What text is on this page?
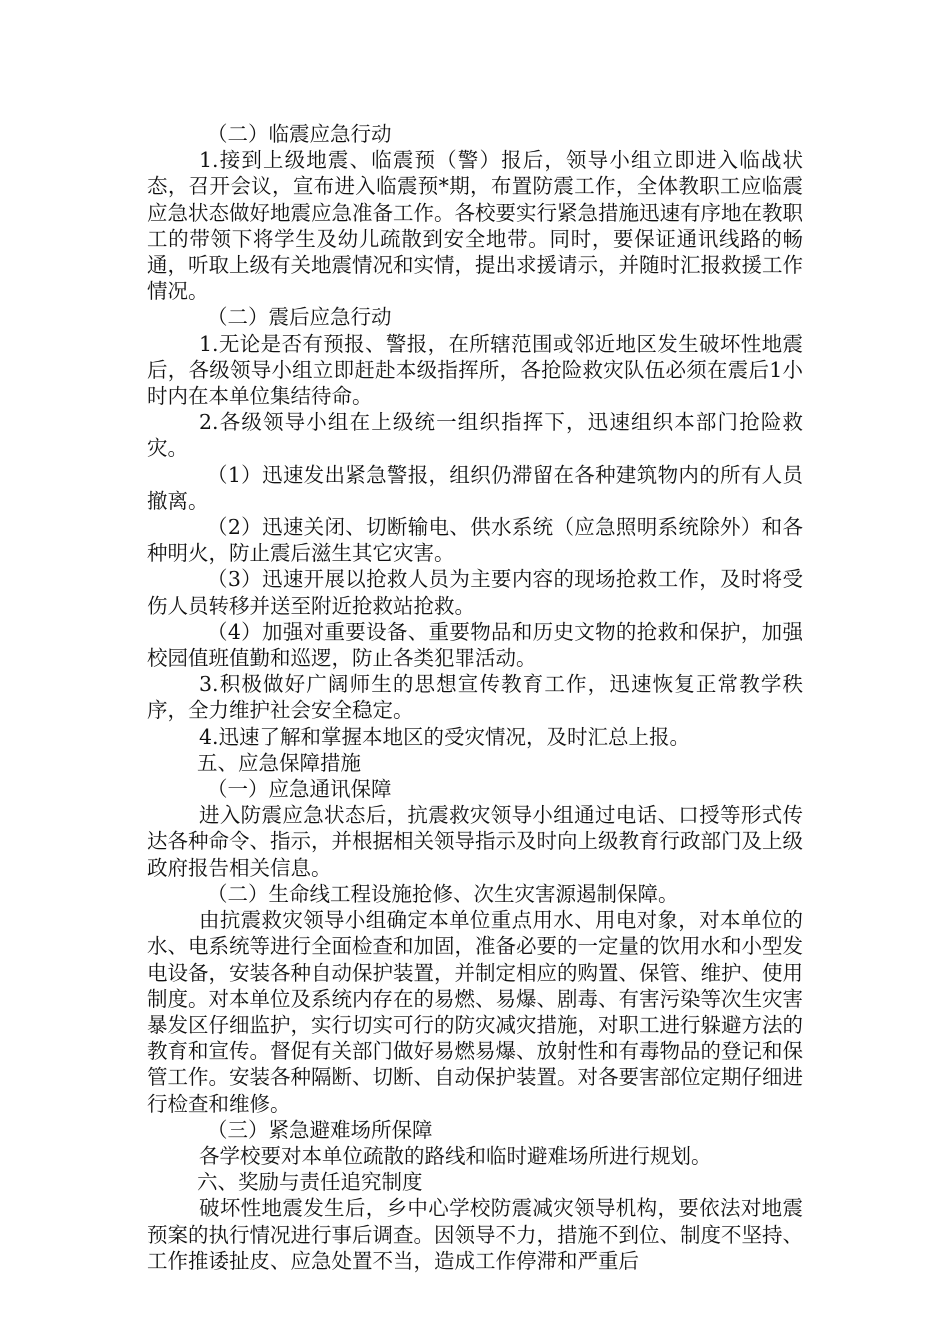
（二）临震应急行动

1.接到上级地震、临震预（警）报后，领导小组立即进入临战状态，召开会议，宣布进入临震预*期，布置防震工作，全体教职工应临震应急状态做好地震应急准备工作。各校要实行紧急措施迅速有序地在教职工的带领下将学生及幼儿疏散到安全地带。同时，要保证通讯线路的畅通，听取上级有关地震情况和实情，提出求援请示，并随时汇报救援工作情况。

（二）震后应急行动

1.无论是否有预报、警报，在所辖范围或邻近地区发生破坏性地震后，各级领导小组立即赶赴本级指挥所，各抢险救灾队伍必须在震后1小时内在本单位集结待命。

2.各级领导小组在上级统一组织指挥下，迅速组织本部门抢险救灾。

（1）迅速发出紧急警报，组织仍滞留在各种建筑物内的所有人员撤离。

（2）迅速关闭、切断输电、供水系统（应急照明系统除外）和各种明火，防止震后滋生其它灾害。

（3）迅速开展以抢救人员为主要内容的现场抢救工作，及时将受伤人员转移并送至附近抢救站抢救。

（4）加强对重要设备、重要物品和历史文物的抢救和保护，加强校园值班值勤和巡逻，防止各类犯罪活动。

3.积极做好广阔师生的思想宣传教育工作，迅速恢复正常教学秩序，全力维护社会安全稳定。

4.迅速了解和掌握本地区的受灾情况，及时汇总上报。

五、应急保障措施

（一）应急通讯保障

进入防震应急状态后，抗震救灾领导小组通过电话、口授等形式传达各种命令、指示，并根据相关领导指示及时向上级教育行政部门及上级政府报告相关信息。

（二）生命线工程设施抢修、次生灾害源遏制保障。

由抗震救灾领导小组确定本单位重点用水、用电对象，对本单位的水、电系统等进行全面检查和加固，准备必要的一定量的饮用水和小型发电设备，安装各种自动保护装置，并制定相应的购置、保管、维护、使用制度。对本单位及系统内存在的易燃、易爆、剧毒、有害污染等次生灾害暴发区仔细监护，实行切实可行的防灾减灾措施，对职工进行躲避方法的教育和宣传。督促有关部门做好易燃易爆、放射性和有毒物品的登记和保管工作。安装各种隔断、切断、自动保护装置。对各要害部位定期仔细进行检查和维修。

（三）紧急避难场所保障

各学校要对本单位疏散的路线和临时避难场所进行规划。

六、奖励与责任追究制度

破坏性地震发生后，乡中心学校防震减灾领导机构，要依法对地震预案的执行情况进行事后调查。因领导不力，措施不到位、制度不坚持、工作推诿扯皮、应急处置不当，造成工作停滞和严重后
